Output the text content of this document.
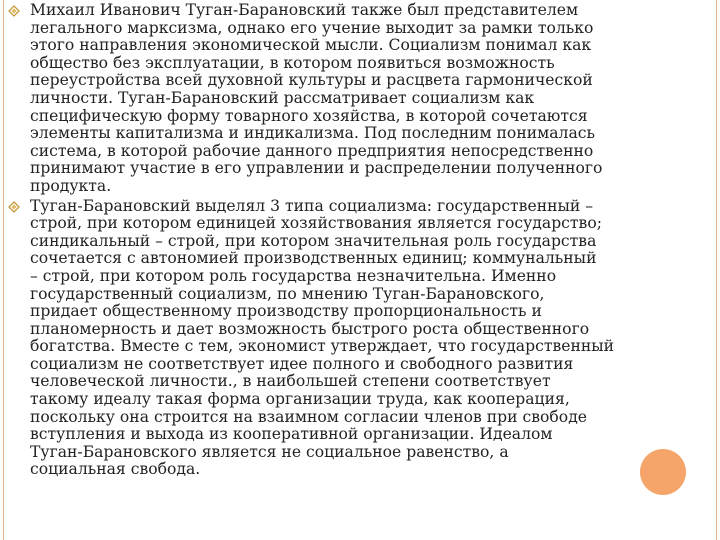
Михаил Иванович Туган-Барановский также был представителем
легального марксизма, однако его учение выходит за рамки только
этого направления экономической мысли. Социализм понимал как
общество без эксплуатации, в котором появиться возможность
переустройства всей духовной культуры и расцвета гармонической
личности. Туган-Барановский рассматривает социализм как
специфическую форму товарного хозяйства, в которой сочетаются
элементы капитализма и индикализма. Под последним понималась
система, в которой рабочие данного предприятия непосредственно
принимают участие в его управлении и распределении полученного
продукта.
Туган-Барановский выделял 3 типа социализма: государственный –
строй, при котором единицей хозяйствования является государство;
синдикальный – строй, при котором значительная роль государства
сочетается с автономией производственных единиц; коммунальный
– строй, при котором роль государства незначительна. Именно
государственный социализм, по мнению Туган-Барановского,
придает общественному производству пропорциональность и
планомерность и дает возможность быстрого роста общественного
богатства. Вместе с тем, экономист утверждает, что государственный
социализм не соответствует идее полного и свободного развития
человеческой личности., в наибольшей степени соответствует
такому идеалу такая форма организации труда, как кооперация,
поскольку она строится на взаимном согласии членов при свободе
вступления и выхода из кооперативной организации. Идеалом
Туган-Барановского является не социальное равенство, а
социальная свобода.
